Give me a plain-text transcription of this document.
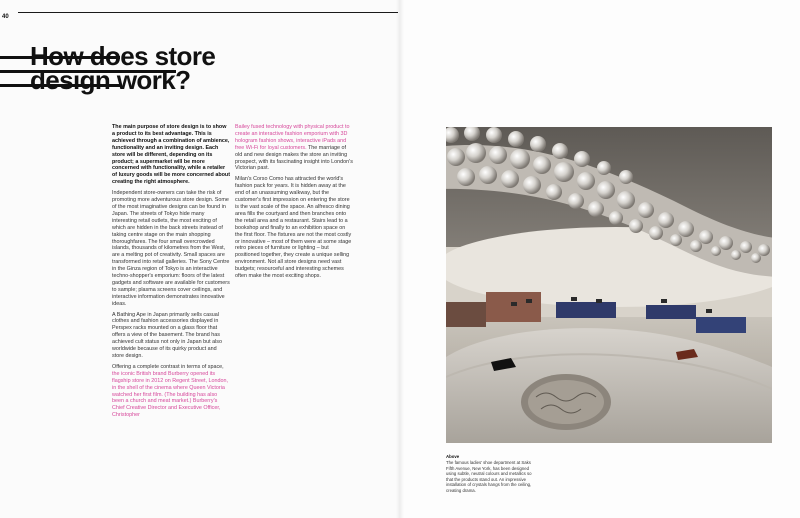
40
How does store
design work?

The main purpose of store design is to show a product to its best advantage. This is achieved through a combination of ambience, functionality and an inviting design. Each store will be different, depending on its product; a supermarket will be more concerned with functionality, while a retailer of luxury goods will be more concerned about creating the right atmosphere.

Independent store-owners can take the risk of promoting more adventurous store design. Some of the most imaginative designs can be found in Japan. The streets of Tokyo hide many interesting retail outlets, the most exciting of which are hidden in the back streets instead of taking centre stage on the main shopping thoroughfares. The four small overcrowded islands, thousands of kilometres from the West, are a melting pot of creativity. Small spaces are transformed into retail galleries. The Sony Centre in the Ginza region of Tokyo is an interactive techno-shopper's emporium: floors of the latest gadgets and software are available for customers to sample; plasma screens cover ceilings, and interactive information demonstrates innovative ideas.

A Bathing Ape in Japan primarily sells casual clothes and fashion accessories displayed in Perspex racks mounted on a glass floor that offers a view of the basement. The brand has achieved cult status not only in Japan but also worldwide because of its quirky product and store design.

Offering a complete contrast in terms of space, the iconic British brand Burberry opened its flagship store in 2012 on Regent Street, London, in the shell of the cinema where Queen Victoria watched her first film. (The building has also been a church and meat market.) Burberry's Chief Creative Director and Executive Officer, Christopher

Bailey fused technology with physical product to create an interactive fashion emporium with 3D hologram fashion shows, interactive iPads and free Wi-Fi for loyal customers. The marriage of old and new design makes the store an inviting prospect, with its fascinating insight into London's Victorian past.

Milan's Corso Como has attracted the world's fashion pack for years. It is hidden away at the end of an unassuming walkway, but the customer's first impression on entering the store is the vast scale of the space. An alfresco dining area fills the courtyard and then branches onto the retail area and a restaurant. Stairs lead to a bookshop and finally to an exhibition space on the first floor. The fixtures are not the most costly or innovative – most of them were at some stage retro pieces of furniture or lighting – but positioned together, they create a unique selling environment. Not all store designs need vast budgets; resourceful and interesting schemes often make the most exciting shops.

Above
The famous ladies' shoe department at Saks Fifth Avenue, New York, has been designed using subtle, neutral colours and metallics so that the products stand out. An impressive installation of crystals hangs from the ceiling, creating drama.
